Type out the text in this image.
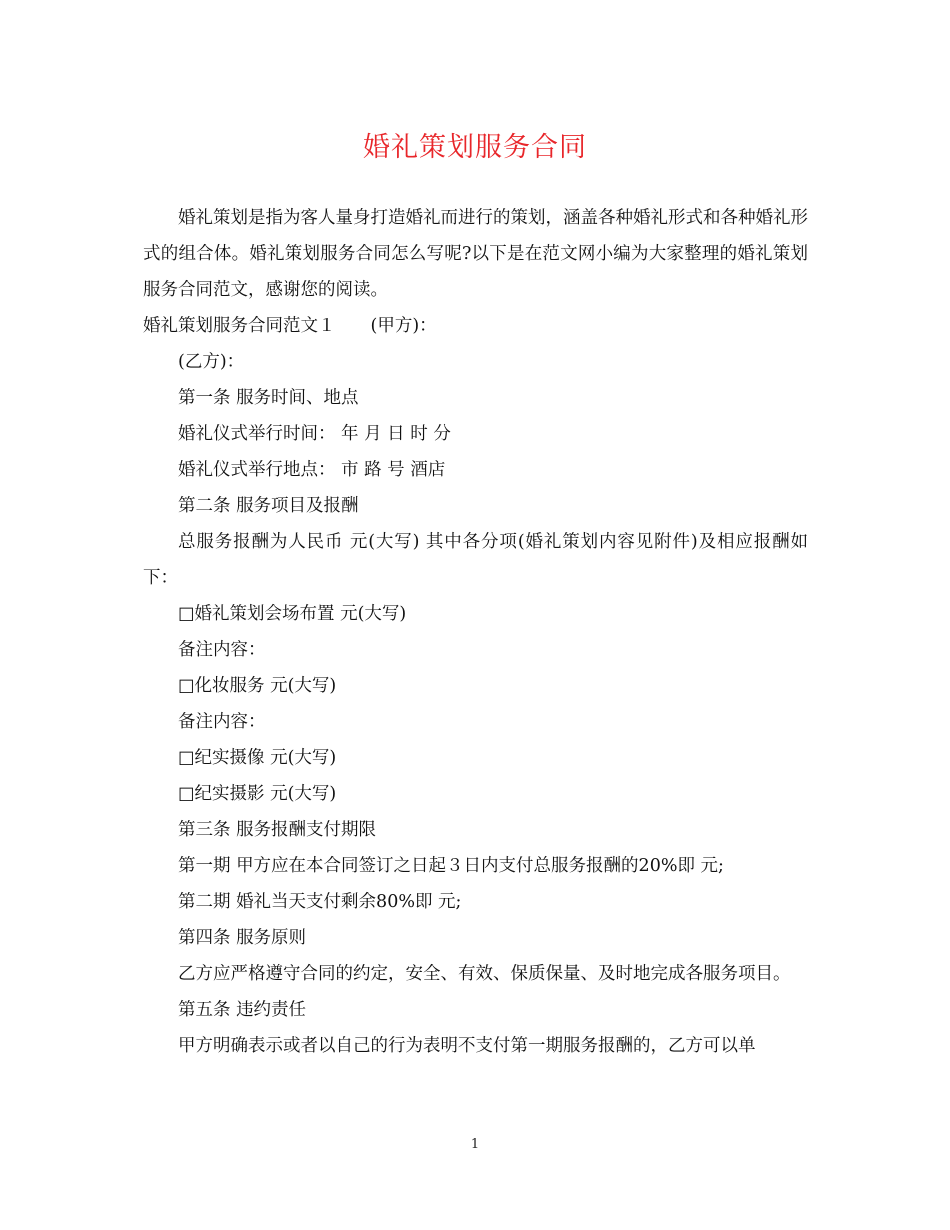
婚礼策划服务合同

婚礼策划是指为客人量身打造婚礼而进行的策划，涵盖各种婚礼形式和各种婚礼形式的组合体。婚礼策划服务合同怎么写呢?以下是在范文网小编为大家整理的婚礼策划服务合同范文，感谢您的阅读。

婚礼策划服务合同范文１　　(甲方)：

(乙方)：

第一条 服务时间、地点

婚礼仪式举行时间： 年 月 日 时 分

婚礼仪式举行地点： 市 路 号 酒店

第二条 服务项目及报酬

总服务报酬为人民币 元(大写) 其中各分项(婚礼策划内容见附件)及相应报酬如下：

□婚礼策划会场布置 元(大写)

备注内容：

□化妆服务 元(大写)

备注内容：

□纪实摄像 元(大写)

□纪实摄影 元(大写)

第三条 服务报酬支付期限

第一期 甲方应在本合同签订之日起３日内支付总服务报酬的20%即 元;

第二期 婚礼当天支付剩余80%即 元;

第四条 服务原则

乙方应严格遵守合同的约定，安全、有效、保质保量、及时地完成各服务项目。

第五条 违约责任

甲方明确表示或者以自己的行为表明不支付第一期服务报酬的，乙方可以单

1
